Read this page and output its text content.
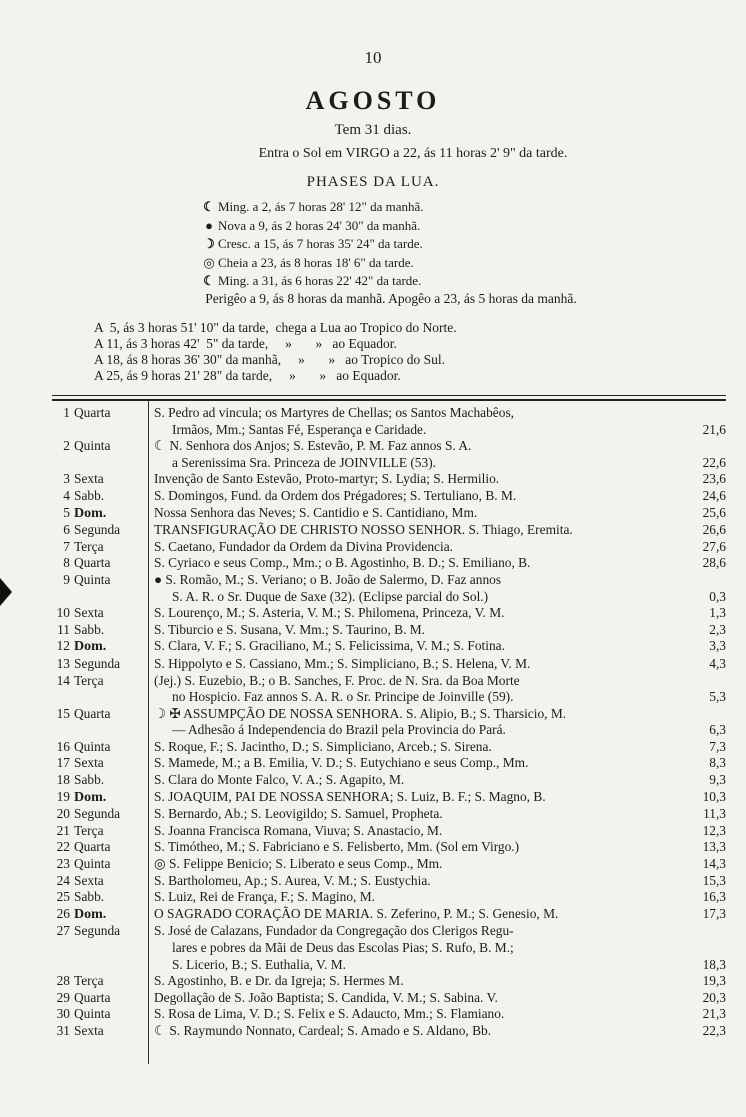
10
AGOSTO
Tem 31 dias.
Entra o Sol em VIRGO a 22, ás 11 horas 2' 9" da tarde.
PHASES DA LUA.
☾ Ming. a 2, ás 7 horas 28' 12" da manhã.
● Nova a 9, ás 2 horas 24' 30" da manhã.
☽ Cresc. a 15, ás 7 horas 35' 24" da tarde.
◎ Cheia a 23, ás 8 horas 18' 6" da tarde.
☾ Ming. a 31, ás 6 horas 22' 42" da tarde.
Perigêo a 9, ás 8 horas da manhã. Apogêo a 23, ás 5 horas da manhã.
A  5, ás 3 horas 51' 10" da tarde,  chega a Lua ao Tropico do Norte.
A 11, ás 3 horas 42'  5" da tarde,     »       »   ao Equador.
A 18, ás 8 horas 36' 30" da manhã,     »       »   ao Tropico do Sul.
A 25, ás 9 horas 21' 28" da tarde,     »       »   ao Equador.
1 Quarta	S. Pedro ad vincula; os Martyres de Chellas; os Santos Machabêos,
Irmãos, Mm.; Santas Fé, Esperança e Caridade.	21,6
2 Quinta	☾ N. Senhora dos Anjos; S. Estevão, P. M. Faz annos S. A.
a Serenissima Sra. Princeza de JOINVILLE (53).	22,6
3 Sexta	Invenção de Santo Estevão, Proto-martyr; S. Lydia; S. Hermilio.	23,6
4 Sabb.	S. Domingos, Fund. da Ordem dos Prégadores; S. Tertuliano, B. M.	24,6
5 Dom.	Nossa Senhora das Neves; S. Cantidio e S. Cantidiano, Mm.	25,6
6 Segunda	TRANSFIGURAÇÃO DE CHRISTO NOSSO SENHOR. S. Thiago, Eremita.	26,6
7 Terça	S. Caetano, Fundador da Ordem da Divina Providencia.	27,6
8 Quarta	S. Cyriaco e seus Comp., Mm.; o B. Agostinho, B. D.; S. Emiliano, B.	28,6
9 Quinta	● S. Romão, M.; S. Veriano; o B. João de Salermo, D. Faz annos
S. A. R. o Sr. Duque de Saxe (32). (Eclipse parcial do Sol.)	0,3
10 Sexta	S. Lourenço, M.; S. Asteria, V. M.; S. Philomena, Princeza, V. M.	1,3
11 Sabb.	S. Tiburcio e S. Susana, V. Mm.; S. Taurino, B. M.	2,3
12 Dom.	S. Clara, V. F.; S. Graciliano, M.; S. Felicissima, V. M.; S. Fotina.	3,3
13 Segunda	S. Hippolyto e S. Cassiano, Mm.; S. Simpliciano, B.; S. Helena, V. M.	4,3
14 Terça	(Jej.) S. Euzebio, B.; o B. Sanches, F. Proc. de N. Sra. da Boa Morte
no Hospicio. Faz annos S. A. R. o Sr. Principe de Joinville (59).	5,3
15 Quarta	☽ ✠ ASSUMPÇÃO DE NOSSA SENHORA. S. Alipio, B.; S. Tharsicio, M.
— Adhesão á Independencia do Brazil pela Provincia do Pará.	6,3
16 Quinta	S. Roque, F.; S. Jacintho, D.; S. Simpliciano, Arceb.; S. Sirena.	7,3
17 Sexta	S. Mamede, M.; a B. Emilia, V. D.; S. Eutychiano e seus Comp., Mm.	8,3
18 Sabb.	S. Clara do Monte Falco, V. A.; S. Agapito, M.	9,3
19 Dom.	S. JOAQUIM, PAI DE NOSSA SENHORA; S. Luiz, B. F.; S. Magno, B.	10,3
20 Segunda	S. Bernardo, Ab.; S. Leovigildo; S. Samuel, Propheta.	11,3
21 Terça	S. Joanna Francisca Romana, Viuva; S. Anastacio, M.	12,3
22 Quarta	S. Timótheo, M.; S. Fabriciano e S. Felisberto, Mm. (Sol em Virgo.)	13,3
23 Quinta	◎ S. Felippe Benicio; S. Liberato e seus Comp., Mm.	14,3
24 Sexta	S. Bartholomeu, Ap.; S. Aurea, V. M.; S. Eustychia.	15,3
25 Sabb.	S. Luiz, Rei de França, F.; S. Magino, M.	16,3
26 Dom.	O SAGRADO CORAÇÃO DE MARIA. S. Zeferino, P. M.; S. Genesio, M.	17,3
27 Segunda	S. José de Calazans, Fundador da Congregação dos Clerigos Regu-
lares e pobres da Mãi de Deus das Escolas Pias; S. Rufo, B. M.;
S. Licerio, B.; S. Euthalia, V. M.	18,3
28 Terça	S. Agostinho, B. e Dr. da Igreja; S. Hermes M.	19,3
29 Quarta	Degollação de S. João Baptista; S. Candida, V. M.; S. Sabina. V.	20,3
30 Quinta	S. Rosa de Lima, V. D.; S. Felix e S. Adaucto, Mm.; S. Flamiano.	21,3
31 Sexta	☾ S. Raymundo Nonnato, Cardeal; S. Amado e S. Aldano, Bb.	22,3
